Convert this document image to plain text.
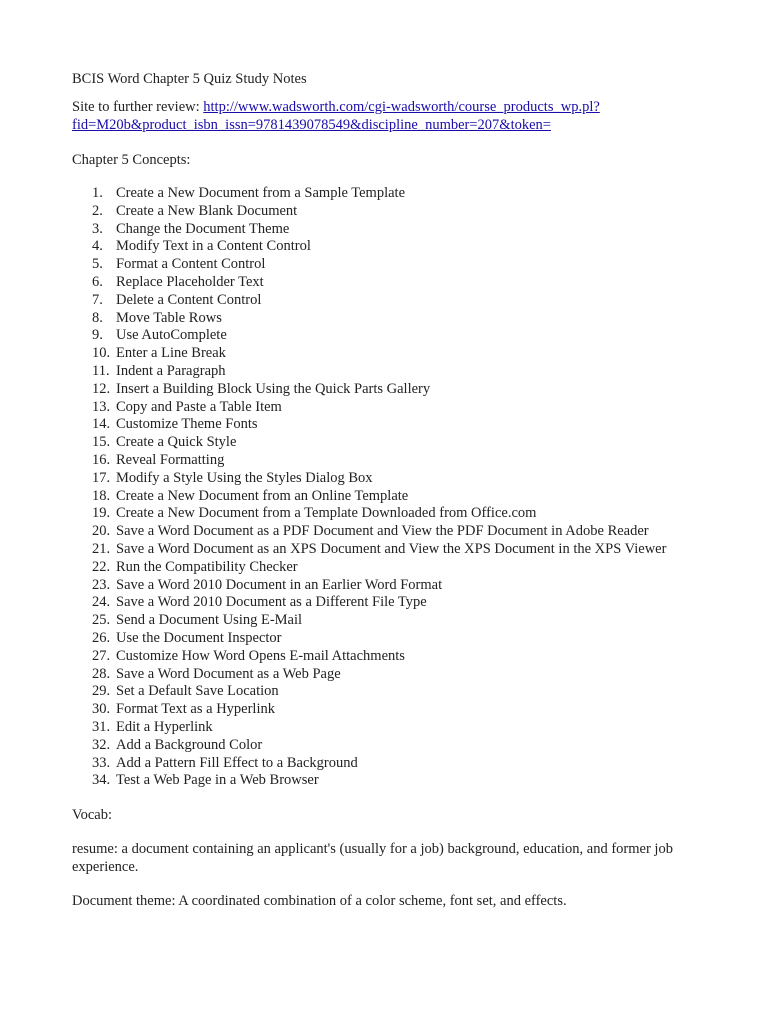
BCIS Word Chapter 5 Quiz Study Notes

Site to further review: http://www.wadsworth.com/cgi-wadsworth/course_products_wp.pl?
fid=M20b&product_isbn_issn=9781439078549&discipline_number=207&token=

Chapter 5 Concepts:

1. Create a New Document from a Sample Template
2. Create a New Blank Document
3. Change the Document Theme
4. Modify Text in a Content Control
5. Format a Content Control
6. Replace Placeholder Text
7. Delete a Content Control
8. Move Table Rows
9. Use AutoComplete
10. Enter a Line Break
11. Indent a Paragraph
12. Insert a Building Block Using the Quick Parts Gallery
13. Copy and Paste a Table Item
14. Customize Theme Fonts
15. Create a Quick Style
16. Reveal Formatting
17. Modify a Style Using the Styles Dialog Box
18. Create a New Document from an Online Template
19. Create a New Document from a Template Downloaded from Office.com
20. Save a Word Document as a PDF Document and View the PDF Document in Adobe Reader
21. Save a Word Document as an XPS Document and View the XPS Document in the XPS Viewer
22. Run the Compatibility Checker
23. Save a Word 2010 Document in an Earlier Word Format
24. Save a Word 2010 Document as a Different File Type
25. Send a Document Using E-Mail
26. Use the Document Inspector
27. Customize How Word Opens E-mail Attachments
28. Save a Word Document as a Web Page
29. Set a Default Save Location
30. Format Text as a Hyperlink
31. Edit a Hyperlink
32. Add a Background Color
33. Add a Pattern Fill Effect to a Background
34. Test a Web Page in a Web Browser

Vocab:

resume: a document containing an applicant's (usually for a job) background, education, and former job experience.

Document theme: A coordinated combination of a color scheme, font set, and effects.
